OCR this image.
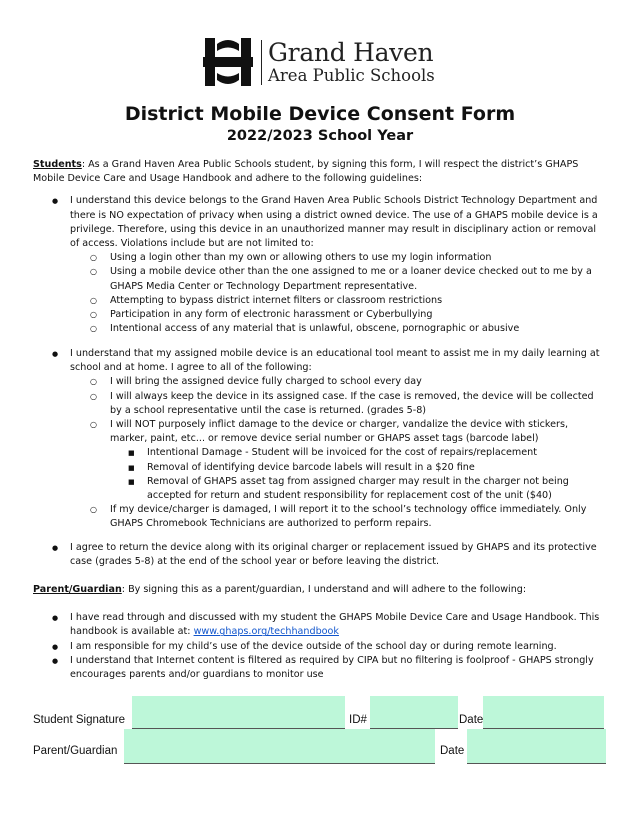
Grand Haven
Area Public Schools
District Mobile Device Consent Form
2022/2023 School Year
Students: As a Grand Haven Area Public Schools student, by signing this form, I will respect the district’s GHAPS Mobile Device Care and Usage Handbook and adhere to the following guidelines:
● I understand this device belongs to the Grand Haven Area Public Schools District Technology Department and there is NO expectation of privacy when using a district owned device. The use of a GHAPS mobile device is a privilege. Therefore, using this device in an unauthorized manner may result in disciplinary action or removal of access. Violations include but are not limited to:
○ Using a login other than my own or allowing others to use my login information
○ Using a mobile device other than the one assigned to me or a loaner device checked out to me by a GHAPS Media Center or Technology Department representative.
○ Attempting to bypass district internet filters or classroom restrictions
○ Participation in any form of electronic harassment or Cyberbullying
○ Intentional access of any material that is unlawful, obscene, pornographic or abusive
● I understand that my assigned mobile device is an educational tool meant to assist me in my daily learning at school and at home. I agree to all of the following:
○ I will bring the assigned device fully charged to school every day
○ I will always keep the device in its assigned case. If the case is removed, the device will be collected by a school representative until the case is returned. (grades 5-8)
○ I will NOT purposely inflict damage to the device or charger, vandalize the device with stickers, marker, paint, etc... or remove device serial number or GHAPS asset tags (barcode label)
■ Intentional Damage - Student will be invoiced for the cost of repairs/replacement
■ Removal of identifying device barcode labels will result in a $20 fine
■ Removal of GHAPS asset tag from assigned charger may result in the charger not being accepted for return and student responsibility for replacement cost of the unit ($40)
○ If my device/charger is damaged, I will report it to the school’s technology office immediately. Only GHAPS Chromebook Technicians are authorized to perform repairs.
● I agree to return the device along with its original charger or replacement issued by GHAPS and its protective case (grades 5-8) at the end of the school year or before leaving the district.
Parent/Guardian: By signing this as a parent/guardian, I understand and will adhere to the following:
● I have read through and discussed with my student the GHAPS Mobile Device Care and Usage Handbook. This handbook is available at: www.ghaps.org/techhandbook
● I am responsible for my child’s use of the device outside of the school day or during remote learning.
● I understand that Internet content is filtered as required by CIPA but no filtering is foolproof - GHAPS strongly encourages parents and/or guardians to monitor use
Student Signature	ID#	Date
Parent/Guardian	Date
